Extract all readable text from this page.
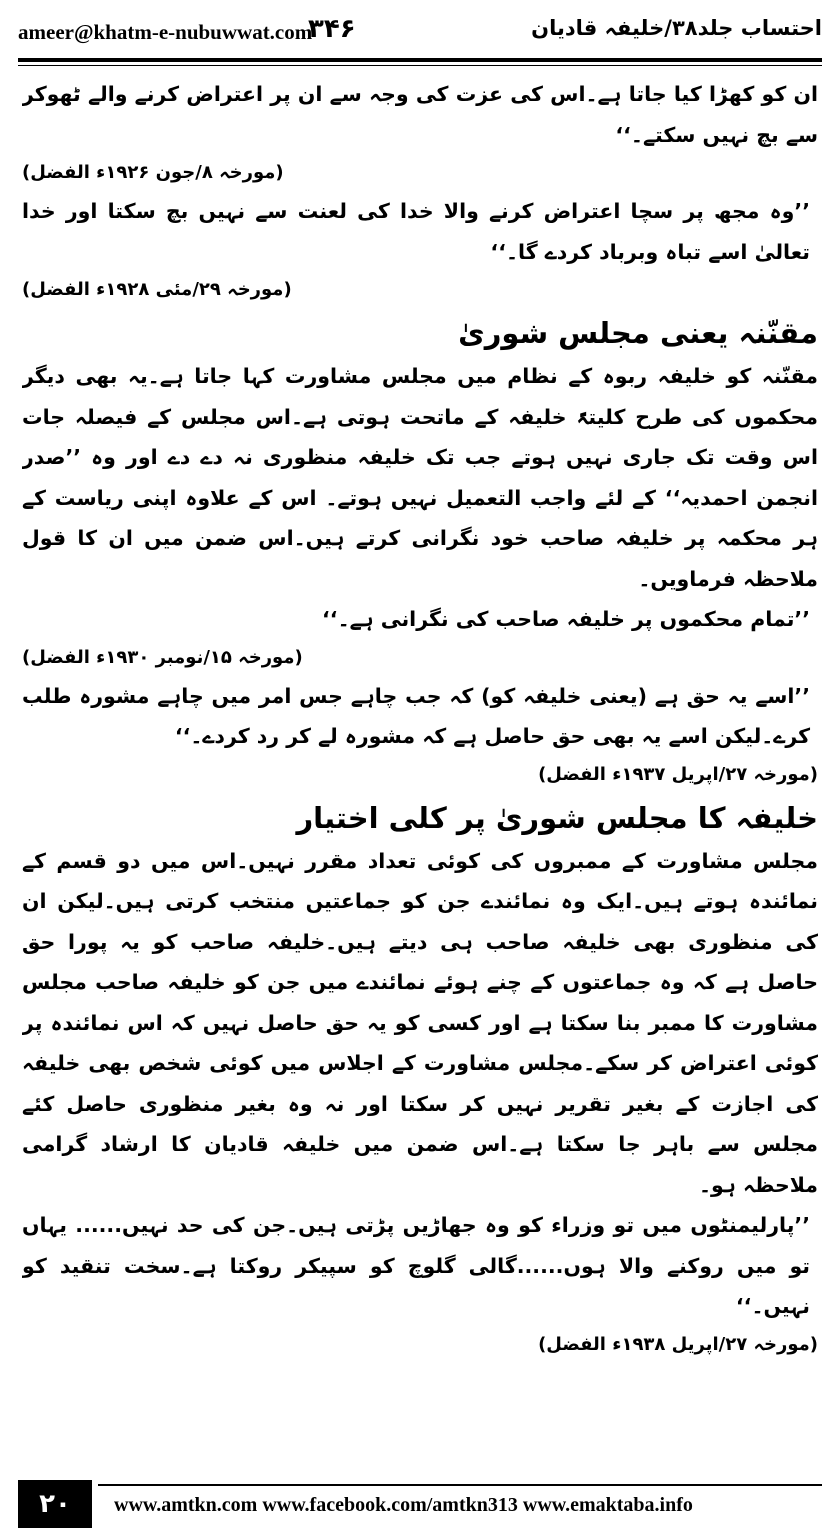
ameer@khatm-e-nubuwwat.com
۳۴۶	احتساب جلد۳۸/خلیفہ قادیان

ان کو کھڑا کیا جاتا ہے۔اس کی عزت کی وجہ سے ان پر اعتراض کرنے والے ٹھوکر سے بچ نہیں سکتے۔‘‘

(مورخہ ۸/جون ۱۹۲۶ء الفضل)

’’وہ مجھ پر سچا اعتراض کرنے والا خدا کی لعنت سے نہیں بچ سکتا اور خدا تعالیٰ اسے تباہ وبرباد کردے گا۔‘‘

(مورخہ ۲۹/مئی ۱۹۲۸ء الفضل)

مقنّنہ یعنی مجلس شوریٰ

مقنّنہ کو خلیفہ ربوہ کے نظام میں مجلس مشاورت کہا جاتا ہے۔یہ بھی دیگر محکموں کی طرح کلیتہً خلیفہ کے ماتحت ہوتی ہے۔اس مجلس کے فیصلہ جات اس وقت تک جاری نہیں ہوتے جب تک خلیفہ منظوری نہ دے دے اور وہ ’’صدر انجمن احمدیہ‘‘ کے لئے واجب التعمیل نہیں ہوتے۔ اس کے علاوہ اپنی ریاست کے ہر محکمہ پر خلیفہ صاحب خود نگرانی کرتے ہیں۔اس ضمن میں ان کا قول ملاحظہ فرماویں۔

’’تمام محکموں پر خلیفہ صاحب کی نگرانی ہے۔‘‘

(مورخہ ۱۵/نومبر ۱۹۳۰ء الفضل)

’’اسے یہ حق ہے (یعنی خلیفہ کو) کہ جب چاہے جس امر میں چاہے مشورہ طلب کرے۔لیکن اسے یہ بھی حق حاصل ہے کہ مشورہ لے کر رد کردے۔‘‘

(مورخہ ۲۷/اپریل ۱۹۳۷ء الفضل)

خلیفہ کا مجلس شوریٰ پر کلی اختیار

مجلس مشاورت کے ممبروں کی کوئی تعداد مقرر نہیں۔اس میں دو قسم کے نمائندہ ہوتے ہیں۔ایک وہ نمائندے جن کو جماعتیں منتخب کرتی ہیں۔لیکن ان کی منظوری بھی خلیفہ صاحب ہی دیتے ہیں۔خلیفہ صاحب کو یہ پورا حق حاصل ہے کہ وہ جماعتوں کے چنے ہوئے نمائندے میں جن کو خلیفہ صاحب مجلس مشاورت کا ممبر بنا سکتا ہے اور کسی کو یہ حق حاصل نہیں کہ اس نمائندہ پر کوئی اعتراض کر سکے۔مجلس مشاورت کے اجلاس میں کوئی شخص بھی خلیفہ کی اجازت کے بغیر تقریر نہیں کر سکتا اور نہ وہ بغیر منظوری حاصل کئے مجلس سے باہر جا سکتا ہے۔اس ضمن میں خلیفہ قادیان کا ارشاد گرامی ملاحظہ ہو۔

’’پارلیمنٹوں میں تو وزراء کو وہ جھاڑیں پڑتی ہیں۔جن کی حد نہیں...... یہاں تو میں روکنے والا ہوں......گالی گلوچ کو سپیکر روکتا ہے۔سخت تنقید کو نہیں۔‘‘

(مورخہ ۲۷/اپریل ۱۹۳۸ء الفضل)

۲۰	www.amtkn.com www.facebook.com/amtkn313 www.emaktaba.info
